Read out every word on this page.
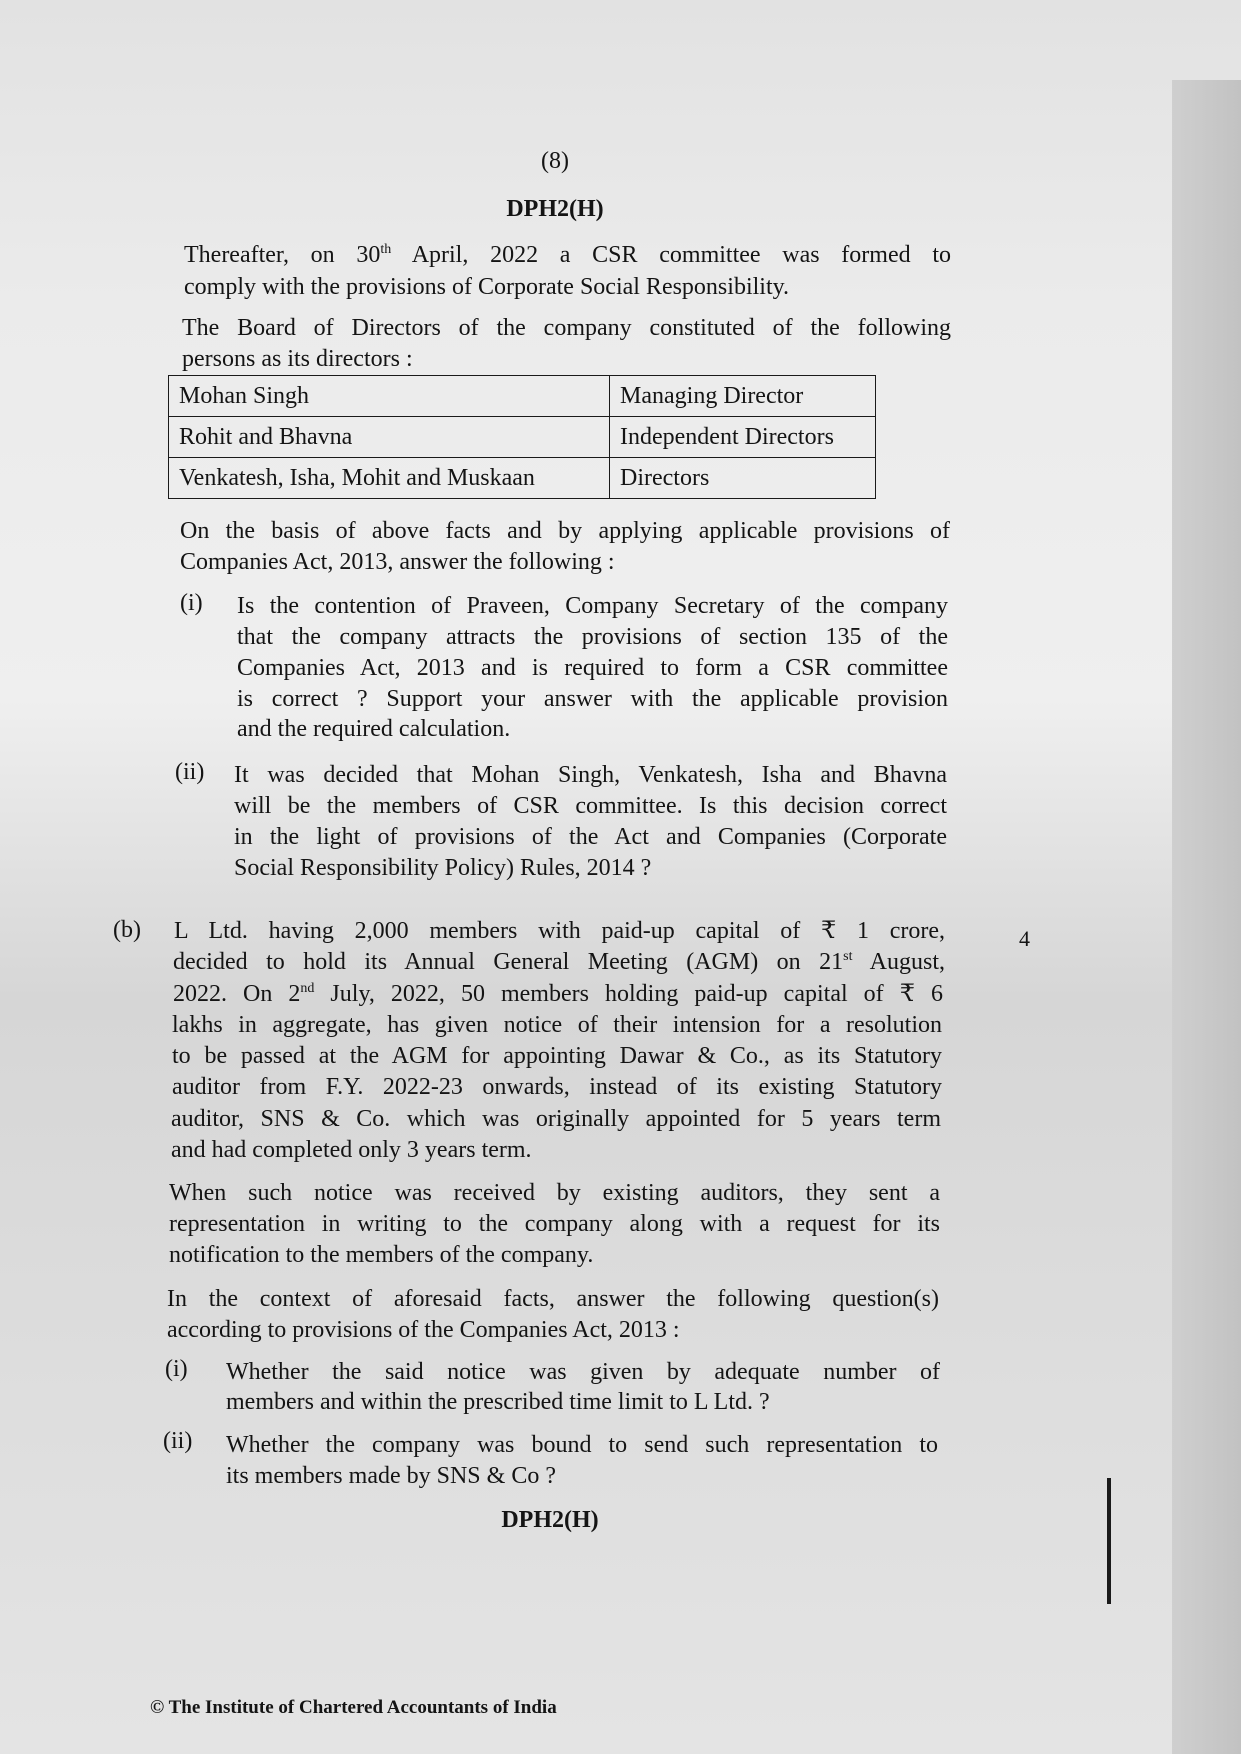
(8)

DPH2(H)

Thereafter, on 30th April, 2022 a CSR committee was formed to

comply with the provisions of Corporate Social Responsibility.

The Board of Directors of the company constituted of the following

persons as its directors :

Mohan Singh	Managing Director
Rohit and Bhavna	Independent Directors
Venkatesh, Isha, Mohit and Muskaan	Directors

On the basis of above facts and by applying applicable provisions of

Companies Act, 2013, answer the following :

(i) Is the contention of Praveen, Company Secretary of the company

that the company attracts the provisions of section 135 of the

Companies Act, 2013 and is required to form a CSR committee

is correct ? Support your answer with the applicable provision

and the required calculation.

(ii) It was decided that Mohan Singh, Venkatesh, Isha and Bhavna

will be the members of CSR committee. Is this decision correct

in the light of provisions of the Act and Companies (Corporate

Social Responsibility Policy) Rules, 2014 ?

(b)	4

L Ltd. having 2,000 members with paid-up capital of ₹ 1 crore,

decided to hold its Annual General Meeting (AGM) on 21st August,

2022. On 2nd July, 2022, 50 members holding paid-up capital of ₹ 6

lakhs in aggregate, has given notice of their intension for a resolution

to be passed at the AGM for appointing Dawar & Co., as its Statutory

auditor from F.Y. 2022-23 onwards, instead of its existing Statutory

auditor, SNS & Co. which was originally appointed for 5 years term

and had completed only 3 years term.

When such notice was received by existing auditors, they sent a

representation in writing to the company along with a request for its

notification to the members of the company.

In the context of aforesaid facts, answer the following question(s)

according to provisions of the Companies Act, 2013 :

(i) Whether the said notice was given by adequate number of

members and within the prescribed time limit to L Ltd. ?

(ii) Whether the company was bound to send such representation to

its members made by SNS & Co ?

DPH2(H)

© The Institute of Chartered Accountants of India
